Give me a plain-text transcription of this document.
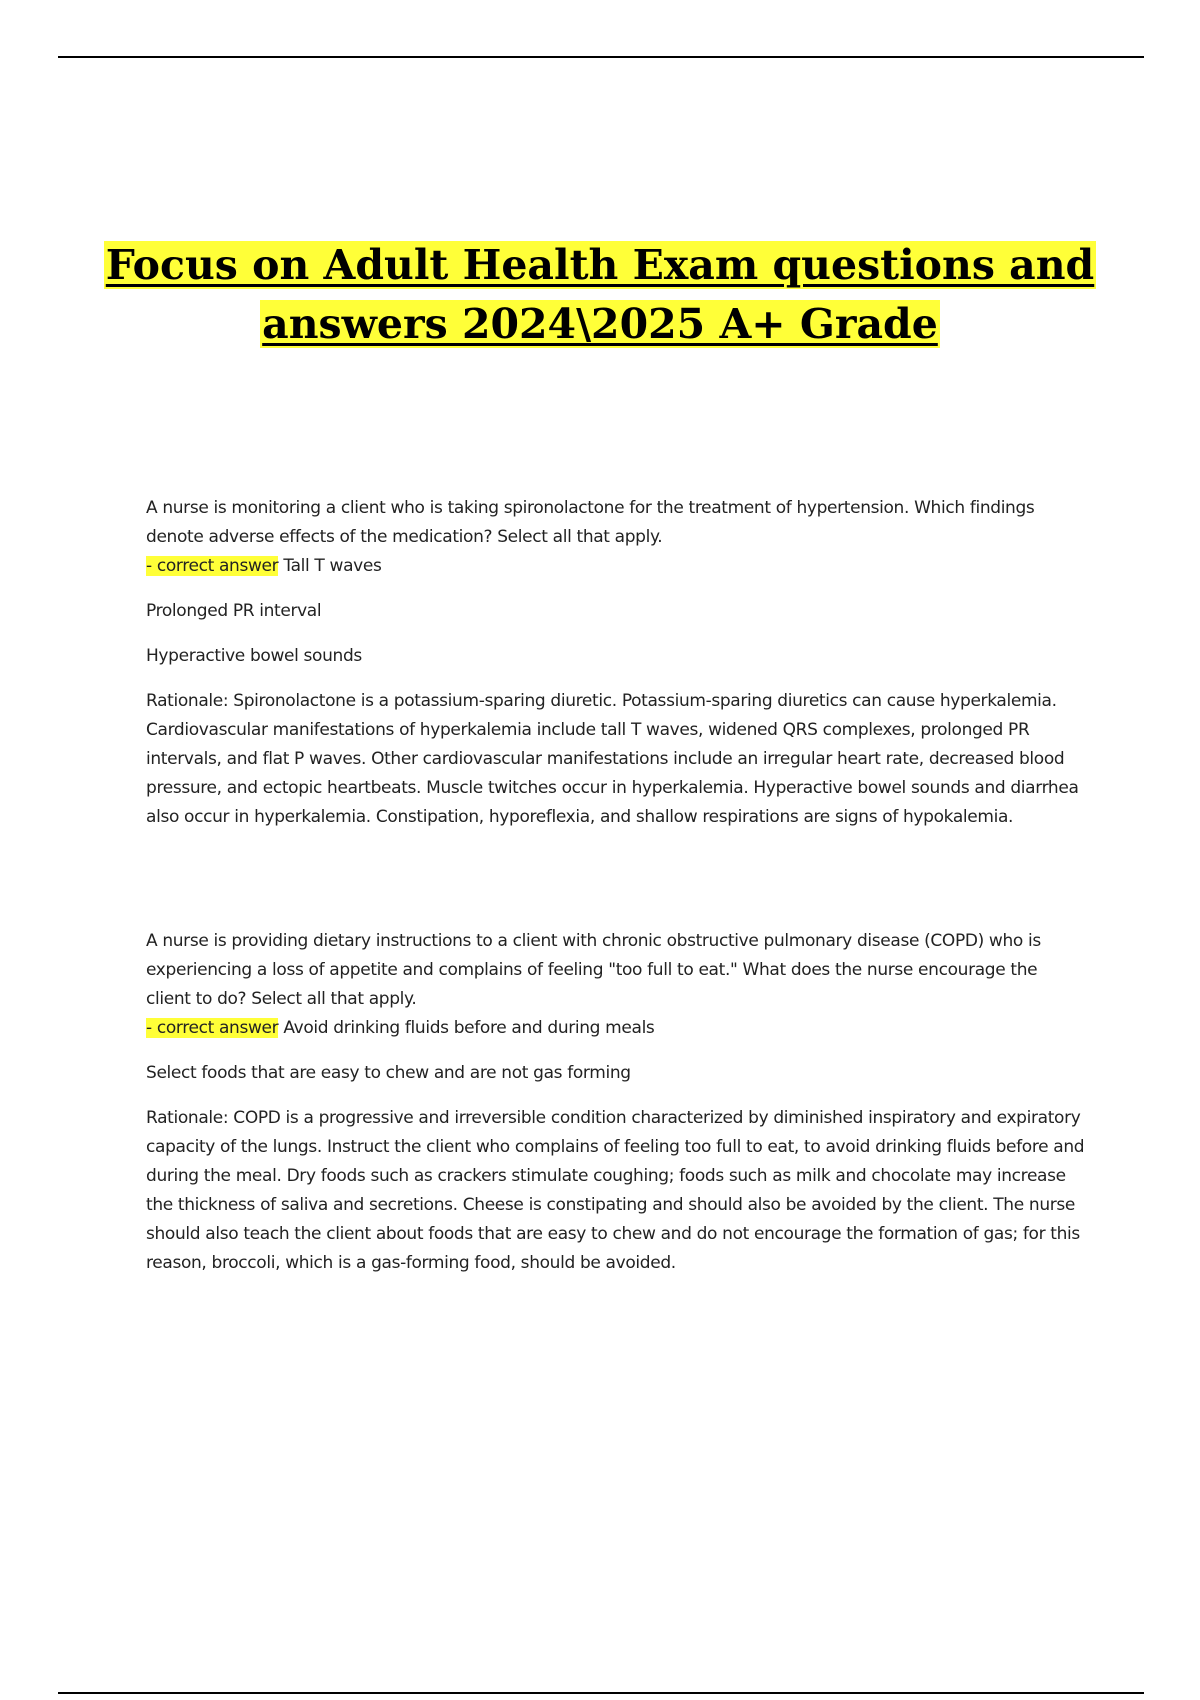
Focus on Adult Health Exam questions and
answers 2024\2025 A+ Grade

A nurse is monitoring a client who is taking spironolactone for the treatment of hypertension. Which findings denote adverse effects of the medication? Select all that apply.

- correct answer Tall T waves

Prolonged PR interval

Hyperactive bowel sounds

Rationale: Spironolactone is a potassium-sparing diuretic. Potassium-sparing diuretics can cause hyperkalemia. Cardiovascular manifestations of hyperkalemia include tall T waves, widened QRS complexes, prolonged PR intervals, and flat P waves. Other cardiovascular manifestations include an irregular heart rate, decreased blood pressure, and ectopic heartbeats. Muscle twitches occur in hyperkalemia. Hyperactive bowel sounds and diarrhea also occur in hyperkalemia. Constipation, hyporeflexia, and shallow respirations are signs of hypokalemia.

A nurse is providing dietary instructions to a client with chronic obstructive pulmonary disease (COPD) who is experiencing a loss of appetite and complains of feeling "too full to eat." What does the nurse encourage the client to do? Select all that apply.

- correct answer Avoid drinking fluids before and during meals

Select foods that are easy to chew and are not gas forming

Rationale: COPD is a progressive and irreversible condition characterized by diminished inspiratory and expiratory capacity of the lungs. Instruct the client who complains of feeling too full to eat, to avoid drinking fluids before and during the meal. Dry foods such as crackers stimulate coughing; foods such as milk and chocolate may increase the thickness of saliva and secretions. Cheese is constipating and should also be avoided by the client. The nurse should also teach the client about foods that are easy to chew and do not encourage the formation of gas; for this reason, broccoli, which is a gas-forming food, should be avoided.
